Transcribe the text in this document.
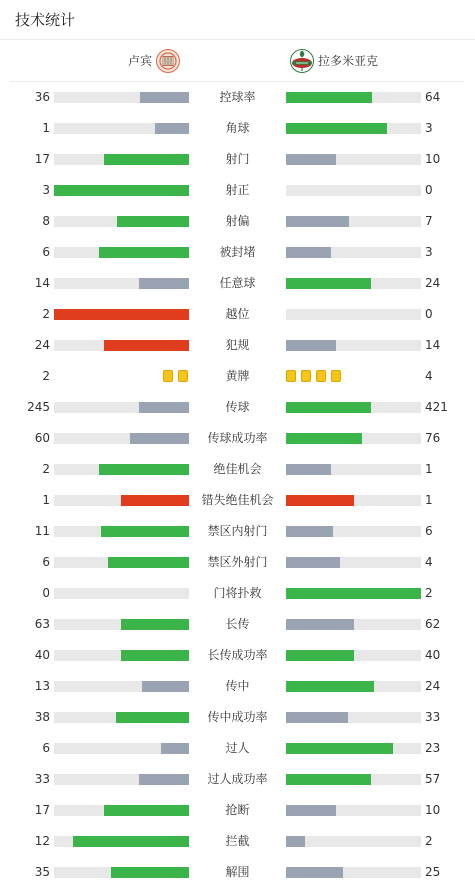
技术统计
卢宾	拉多米亚克
36	控球率	64
1	角球	3
17	射门	10
3	射正	0
8	射偏	7
6	被封堵	3
14	任意球	24
2	越位	0
24	犯规	14
2	黄牌	4
245	传球	421
60	传球成功率	76
2	绝佳机会	1
1	错失绝佳机会	1
11	禁区内射门	6
6	禁区外射门	4
0	门将扑救	2
63	长传	62
40	长传成功率	40
13	传中	24
38	传中成功率	33
6	过人	23
33	过人成功率	57
17	抢断	10
12	拦截	2
35	解围	25
